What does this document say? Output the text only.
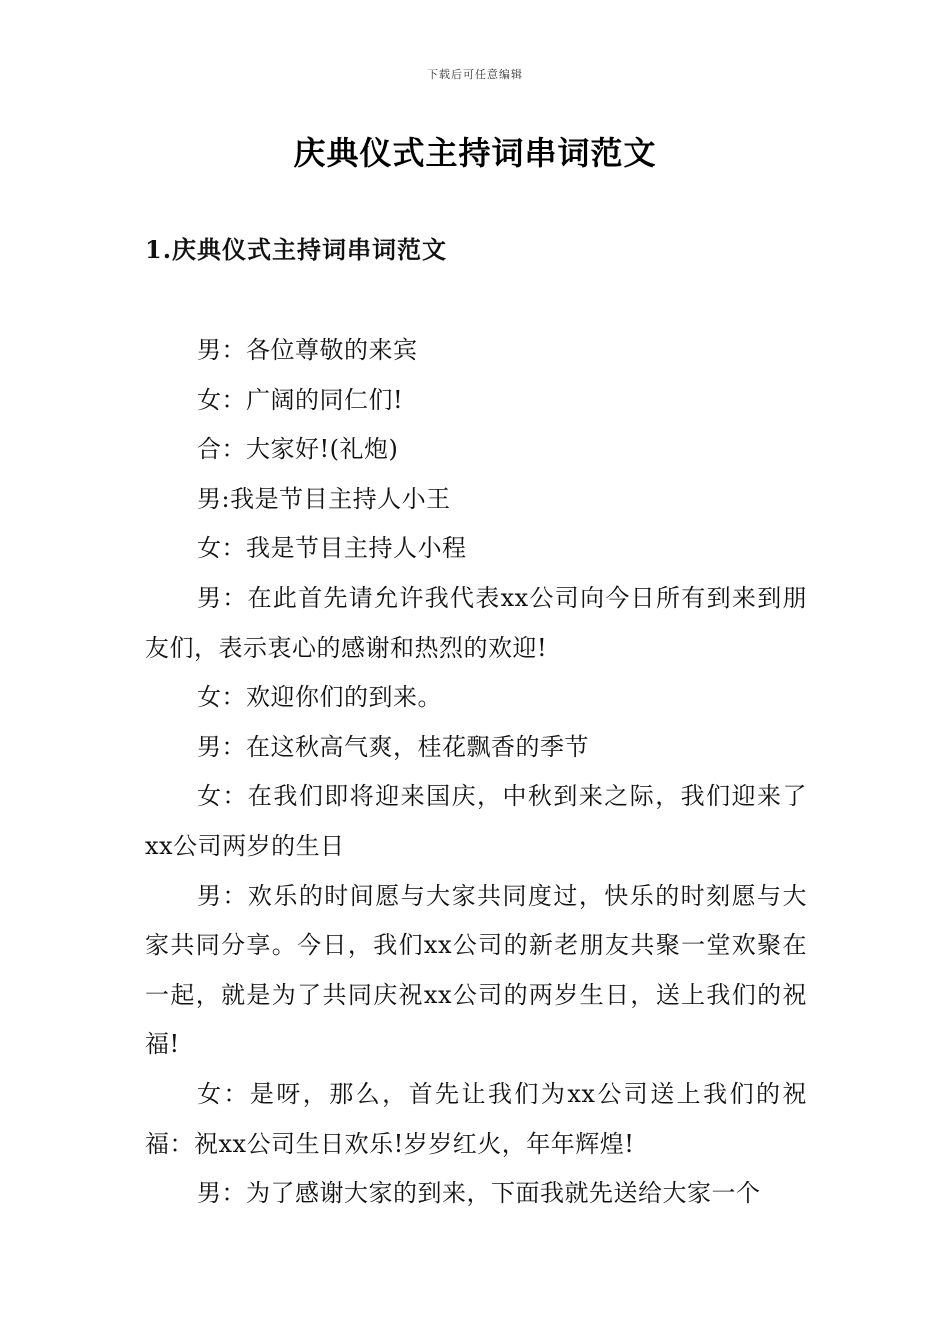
下载后可任意编辑
庆典仪式主持词串词范文
1.庆典仪式主持词串词范文

男：各位尊敬的来宾

女：广阔的同仁们!

合：大家好!(礼炮)

男:我是节目主持人小王

女：我是节目主持人小程

男：在此首先请允许我代表xx公司向今日所有到来到朋友们，表示衷心的感谢和热烈的欢迎!

女：欢迎你们的到来。

男：在这秋高气爽，桂花飘香的季节

女：在我们即将迎来国庆，中秋到来之际，我们迎来了xx公司两岁的生日

男：欢乐的时间愿与大家共同度过，快乐的时刻愿与大家共同分享。今日，我们xx公司的新老朋友共聚一堂欢聚在一起，就是为了共同庆祝xx公司的两岁生日，送上我们的祝福!

女：是呀，那么，首先让我们为xx公司送上我们的祝福：祝xx公司生日欢乐!岁岁红火，年年辉煌!

男：为了感谢大家的到来，下面我就先送给大家一个
